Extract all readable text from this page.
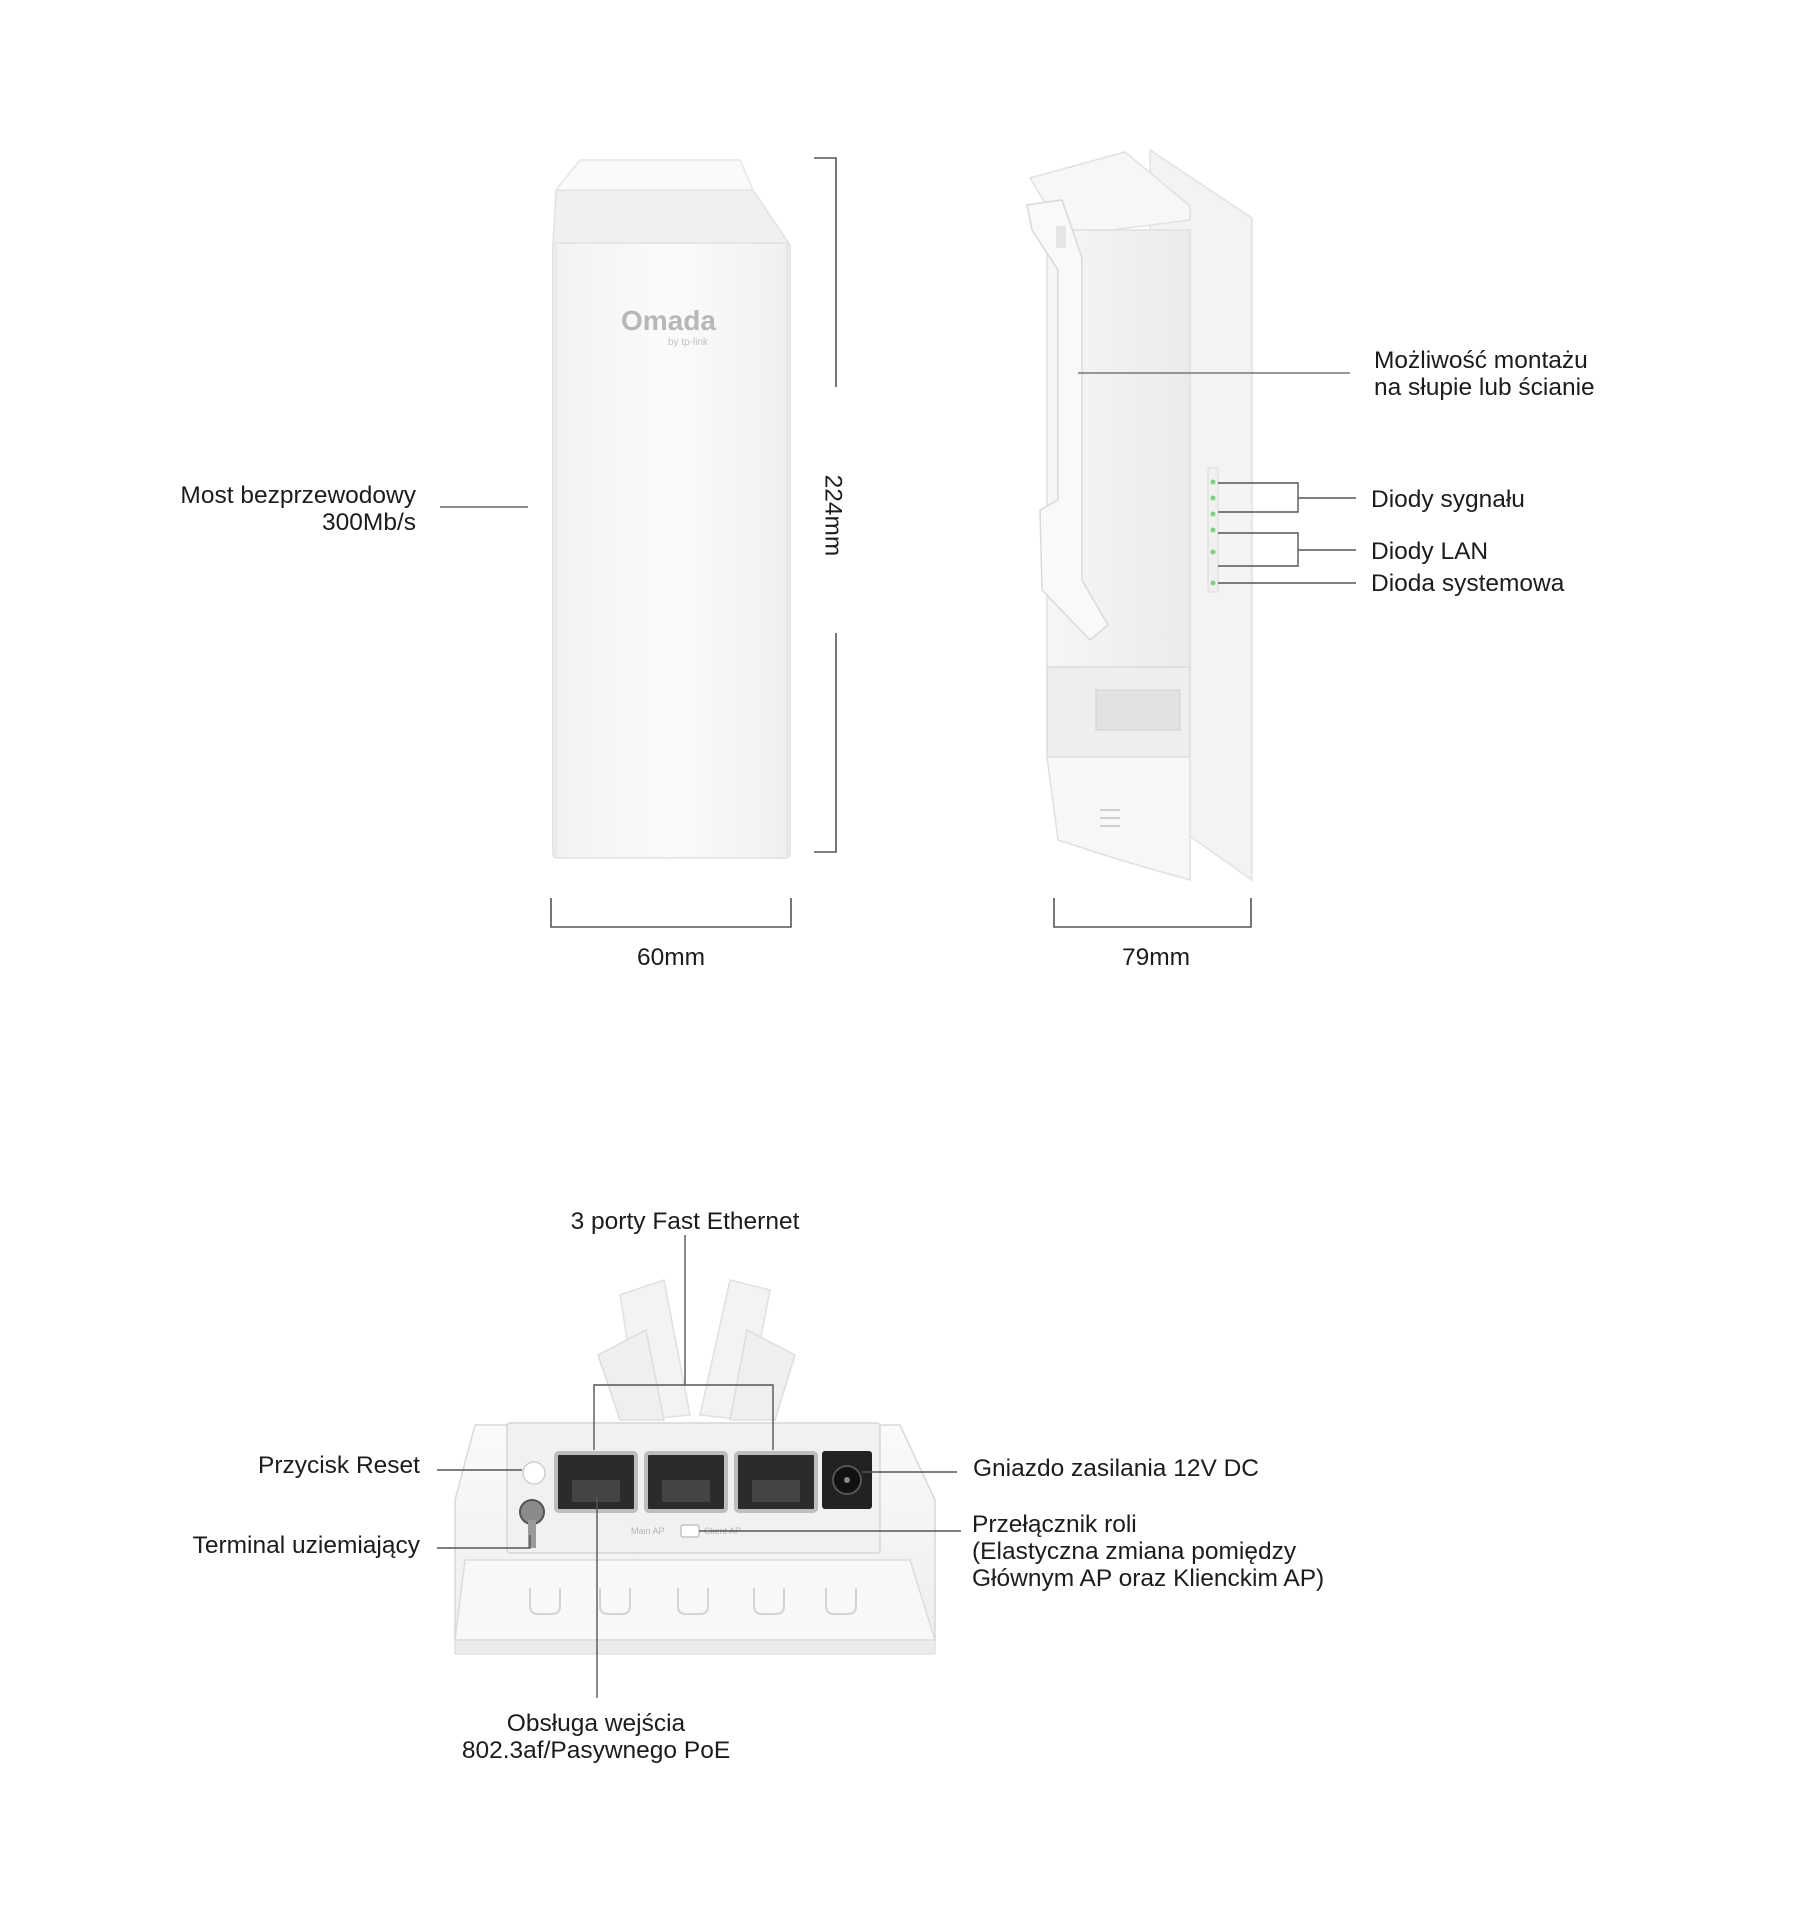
Omada
by tp-link
Main AP	Client AP
Most bezprzewodowy
300Mb/s	224mm
60mm	79mm
Możliwość montażu
na słupie lub ścianie
Diody sygnału
Diody LAN
Dioda systemowa
3 porty Fast Ethernet
Przycisk Reset
Terminal uziemiający
Gniazdo zasilania 12V DC
Przełącznik roli
(Elastyczna zmiana pomiędzy
Głównym AP oraz Klienckim AP)
Obsługa wejścia
802.3af/Pasywnego PoE
